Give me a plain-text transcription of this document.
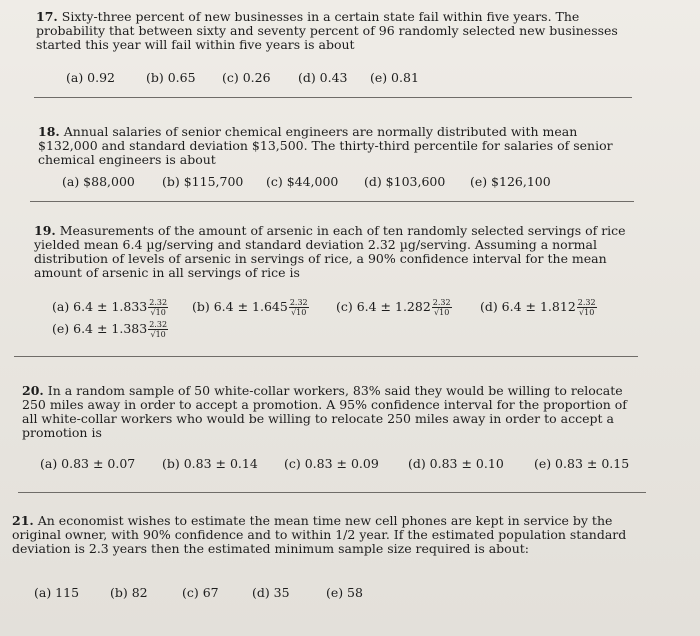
17. Sixty-three percent of new businesses in a certain state fail within five years. The probability that between sixty and seventy percent of 96 randomly selected new businesses started this year will fail within five years is about

(a) 0.92 (b) 0.65 (c) 0.26 (d) 0.43 (e) 0.81

18. Annual salaries of senior chemical engineers are normally distributed with mean $132,000 and standard deviation $13,500. The thirty-third percentile for salaries of senior chemical engineers is about

(a) $88,000 (b) $115,700 (c) $44,000 (d) $103,600 (e) $126,100

19. Measurements of the amount of arsenic in each of ten randomly selected servings of rice yielded mean 6.4 µg/serving and standard deviation 2.32 µg/serving. Assuming a normal distribution of levels of arsenic in servings of rice, a 90% confidence interval for the mean amount of arsenic in all servings of rice is

(a) $6.4 \pm 1.833 \frac{2.32}{√10} (b) 6.4 \pm 1.645 \frac{2.32}{√10} (c) 6.4 \pm 1.282 \frac{2.32}{√10} (d) 6.4 \pm 1.812 \frac{2.32}{√10}$
(e) $6.4 \pm 1.383 \frac{2.32}{√10}$

20. In a random sample of 50 white-collar workers, 83% said they would be willing to relocate 250 miles away in order to accept a promotion. A 95% confidence interval for the proportion of all white-collar workers who would be willing to relocate 250 miles away in order to accept a promotion is

(a) 0.83 ± 0.07 (b) 0.83 ± 0.14 (c) 0.83 ± 0.09 (d) 0.83 ± 0.10 (e) 0.83 ± 0.15

21. An economist wishes to estimate the mean time new cell phones are kept in service by the original owner, with 90% confidence and to within 1/2 year. If the estimated population standard deviation is 2.3 years then the estimated minimum sample size required is about:

(a) 115 (b) 82	(c) 67	(d) 35	(e) 58
